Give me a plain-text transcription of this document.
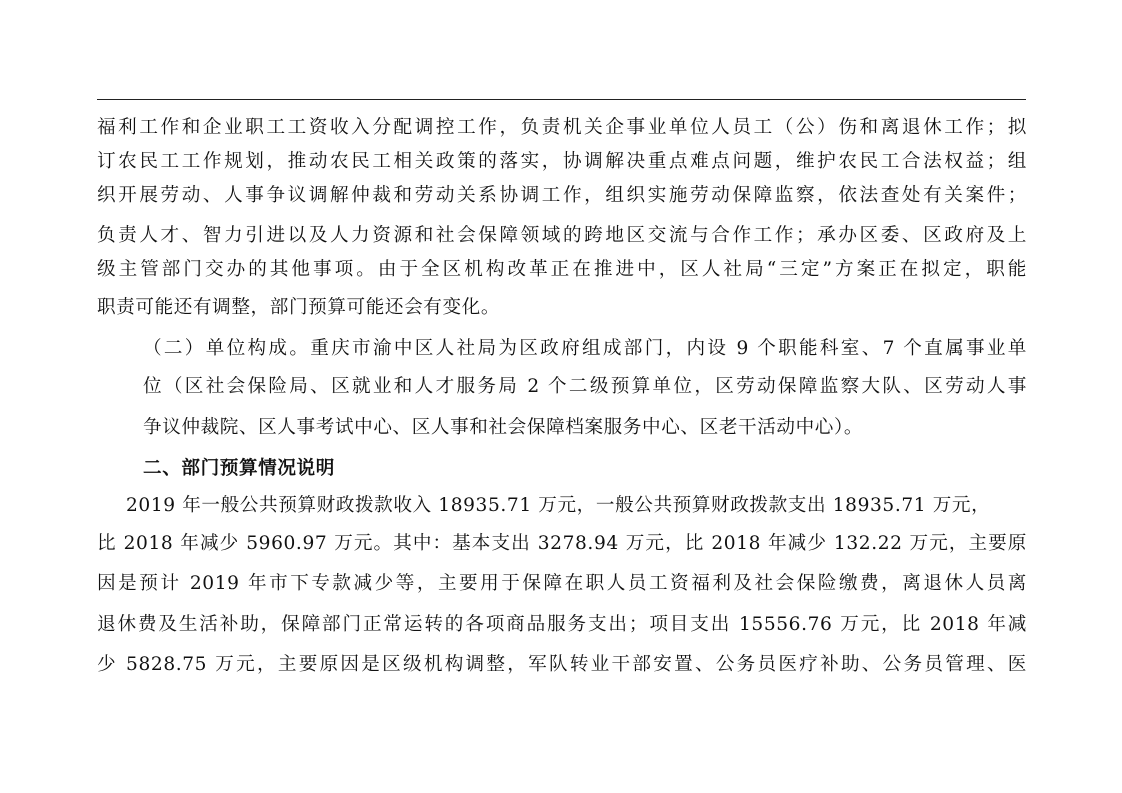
福利工作和企业职工工资收入分配调控工作，负责机关企事业单位人员工（公）伤和离退休工作；拟
订农民工工作规划，推动农民工相关政策的落实，协调解决重点难点问题，维护农民工合法权益；组
织开展劳动、人事争议调解仲裁和劳动关系协调工作，组织实施劳动保障监察，依法查处有关案件；
负责人才、智力引进以及人力资源和社会保障领域的跨地区交流与合作工作；承办区委、区政府及上
级主管部门交办的其他事项。由于全区机构改革正在推进中，区人社局“三定”方案正在拟定，职能
职责可能还有调整，部门预算可能还会有变化。
（二）单位构成。重庆市渝中区人社局为区政府组成部门，内设 9 个职能科室、7 个直属事业单
位（区社会保险局、区就业和人才服务局 2 个二级预算单位，区劳动保障监察大队、区劳动人事
争议仲裁院、区人事考试中心、区人事和社会保障档案服务中心、区老干活动中心）。
二、部门预算情况说明
2019 年一般公共预算财政拨款收入 18935.71 万元，一般公共预算财政拨款支出 18935.71 万元，
比 2018 年减少 5960.97 万元。其中：基本支出 3278.94 万元，比 2018 年减少 132.22 万元，主要原
因是预计 2019 年市下专款减少等，主要用于保障在职人员工资福利及社会保险缴费，离退休人员离
退休费及生活补助，保障部门正常运转的各项商品服务支出；项目支出 15556.76 万元，比 2018 年减
少 5828.75 万元，主要原因是区级机构调整，军队转业干部安置、公务员医疗补助、公务员管理、医
